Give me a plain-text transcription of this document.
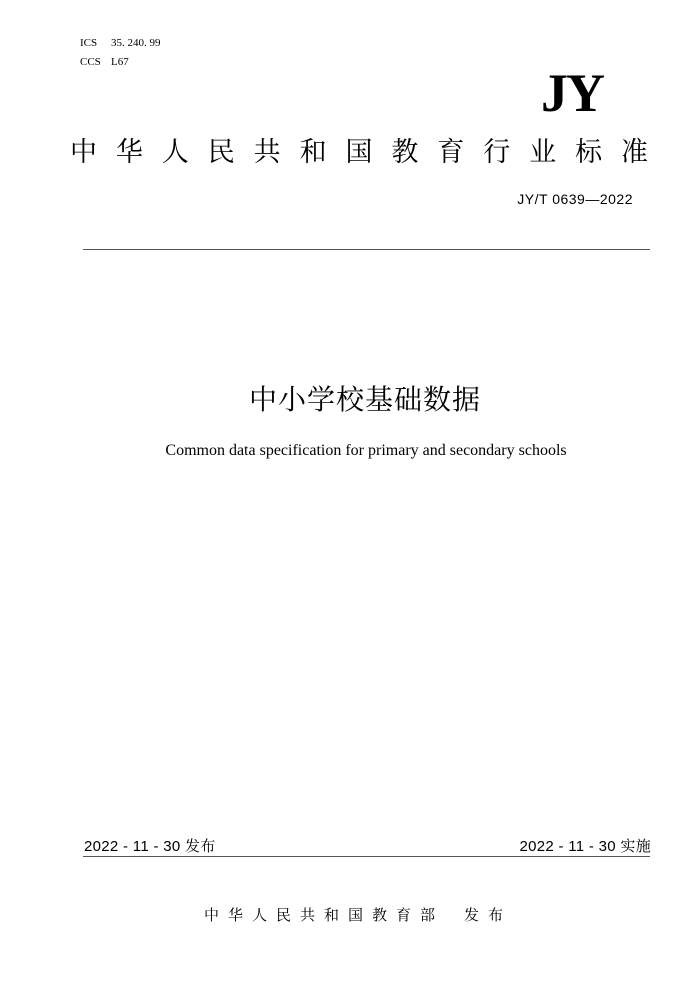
ICS 35. 240. 99
CCS L67
JY
中华人民共和国教育行业标准
JY/T 0639—2022
中小学校基础数据
Common data specification for primary and secondary schools
2022 - 11 - 30 发布	2022 - 11 - 30 实施
中华人民共和国教育部 发布
